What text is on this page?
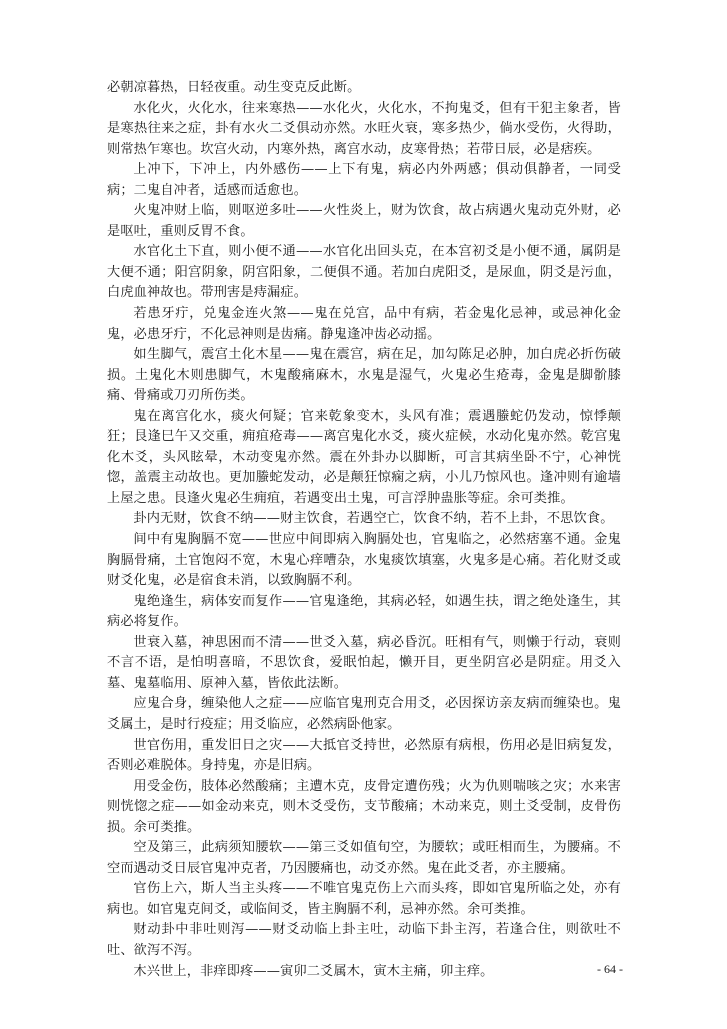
必朝凉暮热，日轻夜重。动生变克反此断。

水化火，火化水，往来寒热——水化火，火化水，不拘鬼爻，但有干犯主象者，皆是寒热往来之症，卦有水火二爻俱动亦然。水旺火衰，寒多热少，倘水受伤，火得助，则常热乍寒也。坎宫火动，内寒外热，离宫水动，皮寒骨热；若带日辰，必是痞疾。

上冲下，下冲上，内外感伤——上下有鬼，病必内外两感；俱动俱静者，一同受病；二鬼自冲者，适感而适愈也。

火鬼冲财上临，则呕逆多吐——火性炎上，财为饮食，故占病遇火鬼动克外财，必是呕吐，重则反胃不食。

水官化土下直，则小便不通——水官化出回头克，在本宫初爻是小便不通，属阴是大便不通；阳宫阴象，阴宫阳象，二便俱不通。若加白虎阳爻，是尿血，阴爻是污血，白虎血神故也。带刑害是痔漏症。

若患牙疔，兑鬼金连火煞——鬼在兑宫，品中有病，若金鬼化忌神，或忌神化金鬼，必患牙疔，不化忌神则是齿痛。静鬼逢冲齿必动摇。

如生脚气，震宫土化木星——鬼在震宫，病在足，加勾陈足必肿，加白虎必折伤破损。土鬼化木则患脚气，木鬼酸痛麻木，水鬼是湿气，火鬼必生疮毒，金鬼是脚骱膝痛、骨痛或刀刃所伤类。

鬼在离宫化水，痰火何疑；官来乾象变木，头风有准；震遇螣蛇仍发动，惊悸颠狂；艮逢巳午又交重，痈疽疮毒——离宫鬼化水爻，痰火症候，水动化鬼亦然。乾宫鬼化木爻，头风眩晕，木动变鬼亦然。震在外卦办以脚断，可言其病坐卧不宁，心神恍惚，盖震主动故也。更加螣蛇发动，必是颠狂惊痫之病，小儿乃惊风也。逢冲则有逾墙上屋之患。艮逢火鬼必生痈疽，若遇变出土鬼，可言浮肿蛊胀等症。余可类推。

卦内无财，饮食不纳——财主饮食，若遇空亡，饮食不纳，若不上卦，不思饮食。

间中有鬼胸膈不宽——世应中间即病入胸膈处也，官鬼临之，必然痞塞不通。金鬼胸膈骨痛，土官饱闷不宽，木鬼心痒嘈杂，水鬼痰饮填塞，火鬼多是心痛。若化财爻或财爻化鬼，必是宿食未消，以致胸膈不利。

鬼绝逢生，病体安而复作——官鬼逢绝，其病必轻，如遇生扶，谓之绝处逢生，其病必将复作。

世衰入墓，神思困而不清——世爻入墓，病必昏沉。旺相有气，则懒于行动，衰则不言不语，是怕明喜暗，不思饮食，爱眠怕起，懒开目，更坐阴宫必是阴症。用爻入墓、鬼墓临用、原神入墓，皆依此法断。

应鬼合身，缠染他人之症——应临官鬼刑克合用爻，必因探访亲友病而缠染也。鬼爻属土，是时行疫症；用爻临应，必然病卧他家。

世官伤用，重发旧日之灾——大抵官爻持世，必然原有病根，伤用必是旧病复发，否则必难脱体。身持鬼，亦是旧病。

用受金伤，肢体必然酸痛；主遭木克，皮骨定遭伤残；火为仇则喘咳之灾；水来害则恍惚之症——如金动来克，则木爻受伤，支节酸痛；木动来克，则土爻受制，皮骨伤损。余可类推。

空及第三，此病须知腰软——第三爻如值旬空，为腰软；或旺相而生，为腰痛。不空而遇动爻日辰官鬼冲克者，乃因腰痛也，动爻亦然。鬼在此爻者，亦主腰痛。

官伤上六，斯人当主头疼——不唯官鬼克伤上六而头疼，即如官鬼所临之处，亦有病也。如官鬼克间爻，或临间爻，皆主胸膈不利，忌神亦然。余可类推。

财动卦中非吐则泻——财爻动临上卦主吐，动临下卦主泻，若逢合住，则欲吐不吐、欲泻不泻。

木兴世上，非痒即疼——寅卯二爻属木，寅木主痛，卯主痒。	- 64 -
